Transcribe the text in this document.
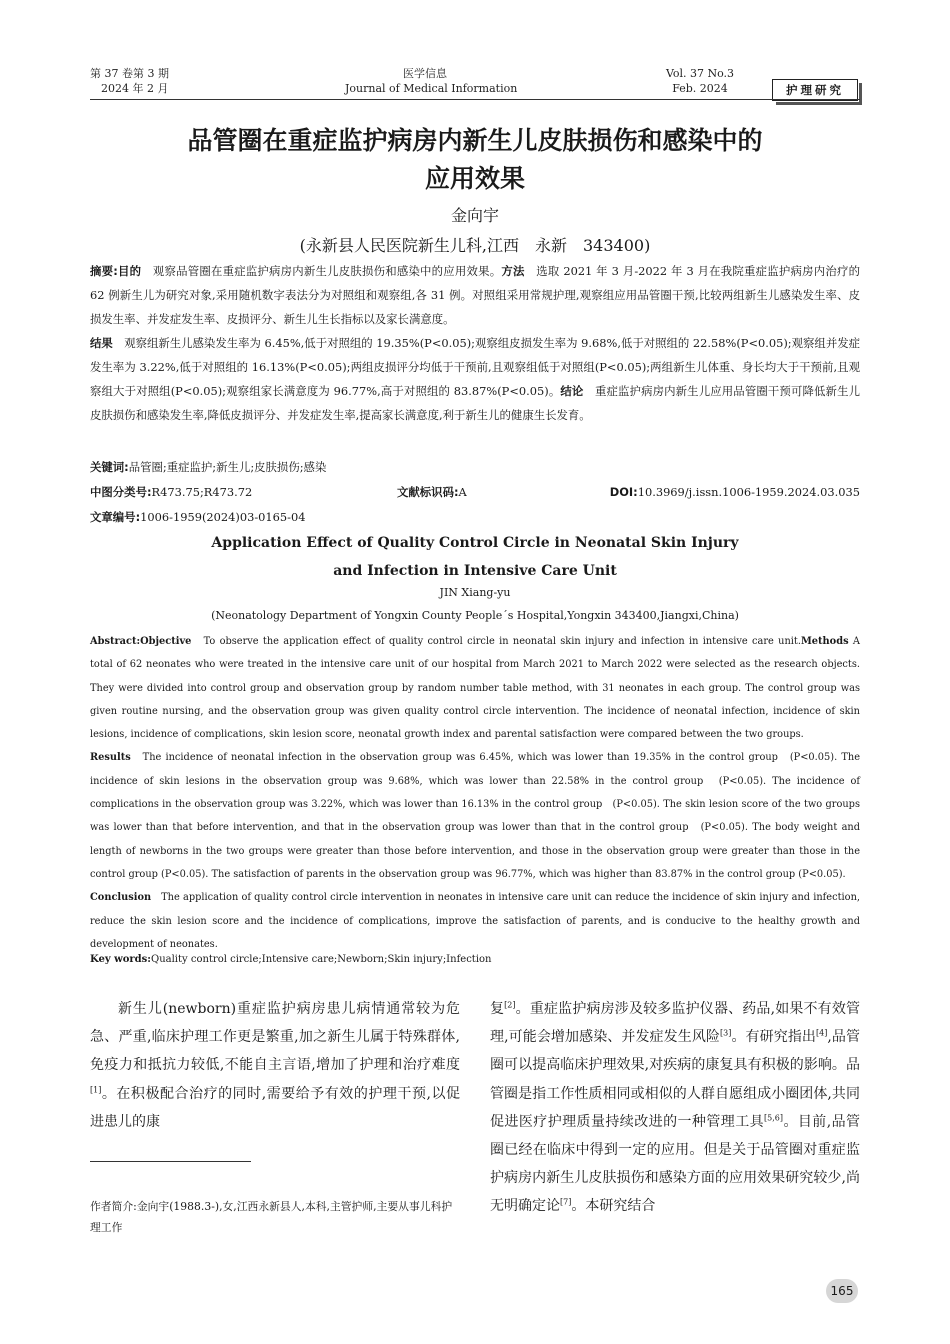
第 37 卷第 3 期
2024 年 2 月
医学信息
Journal of Medical Information
Vol. 37 No.3
Feb. 2024	护理研究
品管圈在重症监护病房内新生儿皮肤损伤和感染中的
应用效果
金向宇
(永新县人民医院新生儿科,江西　永新　343400)
摘要:目的　观察品管圈在重症监护病房内新生儿皮肤损伤和感染中的应用效果。方法　选取 2021 年 3 月-2022 年 3 月在我院重症监护病房内治疗的 62 例新生儿为研究对象,采用随机数字表法分为对照组和观察组,各 31 例。对照组采用常规护理,观察组应用品管圈干预,比较两组新生儿感染发生率、皮损发生率、并发症发生率、皮损评分、新生儿生长指标以及家长满意度。
结果　观察组新生儿感染发生率为 6.45%,低于对照组的 19.35%(P<0.05);观察组皮损发生率为 9.68%,低于对照组的 22.58%(P<0.05);观察组并发症发生率为 3.22%,低于对照组的 16.13%(P<0.05);两组皮损评分均低于干预前,且观察组低于对照组(P<0.05);两组新生儿体重、身长均大于干预前,且观察组大于对照组(P<0.05);观察组家长满意度为 96.77%,高于对照组的 83.87%(P<0.05)。结论　重症监护病房内新生儿应用品管圈干预可降低新生儿皮肤损伤和感染发生率,降低皮损评分、并发症发生率,提高家长满意度,利于新生儿的健康生长发育。
关键词:品管圈;重症监护;新生儿;皮肤损伤;感染
中图分类号:R473.75;R473.72	文献标识码:A	DOI:10.3969/j.issn.1006-1959.2024.03.035
文章编号:1006-1959(2024)03-0165-04
Application Effect of Quality Control Circle in Neonatal Skin Injury
and Infection in Intensive Care Unit
JIN Xiang-yu
(Neonatology Department of Yongxin County People´s Hospital,Yongxin 343400,Jiangxi,China)
Abstract:Objective　To observe the application effect of quality control circle in neonatal skin injury and infection in intensive care unit.Methods A total of 62 neonates who were treated in the intensive care unit of our hospital from March 2021 to March 2022 were selected as the research objects. They were divided into control group and observation group by random number table method, with 31 neonates in each group. The control group was given routine nursing, and the observation group was given quality control circle intervention. The incidence of neonatal infection, incidence of skin lesions, incidence of complications, skin lesion score, neonatal growth index and parental satisfaction were compared between the two groups.
Results　The incidence of neonatal infection in the observation group was 6.45%, which was lower than 19.35% in the control group　(P<0.05). The incidence of skin lesions in the observation group was 9.68%, which was lower than 22.58% in the control group　(P<0.05). The incidence of complications in the observation group was 3.22%, which was lower than 16.13% in the control group　(P<0.05). The skin lesion score of the two groups was lower than that before intervention, and that in the observation group was lower than that in the control group　(P<0.05). The body weight and length of newborns in the two groups were greater than those before intervention, and those in the observation group were greater than those in the control group (P<0.05). The satisfaction of parents in the observation group was 96.77%, which was higher than 83.87% in the control group (P<0.05).
Conclusion　The application of quality control circle intervention in neonates in intensive care unit can reduce the incidence of skin injury and infection, reduce the skin lesion score and the incidence of complications, improve the satisfaction of parents, and is conducive to the healthy growth and development of neonates.
Key words:Quality control circle;Intensive care;Newborn;Skin injury;Infection
新生儿(newborn)重症监护病房患儿病情通常较为危急、严重,临床护理工作更是繁重,加之新生儿属于特殊群体,免疫力和抵抗力较低,不能自主言语,增加了护理和治疗难度[1]。在积极配合治疗的同时,需要给予有效的护理干预,以促进患儿的康
复[2]。重症监护病房涉及较多监护仪器、药品,如果不有效管理,可能会增加感染、并发症发生风险[3]。有研究指出[4],品管圈可以提高临床护理效果,对疾病的康复具有积极的影响。品管圈是指工作性质相同或相似的人群自愿组成小圈团体,共同促进医疗护理质量持续改进的一种管理工具[5,6]。目前,品管圈已经在临床中得到一定的应用。但是关于品管圈对重症监护病房内新生儿皮肤损伤和感染方面的应用效果研究较少,尚无明确定论[7]。本研究结合
作者简介:金向宇(1988.3-),女,江西永新县人,本科,主管护师,主要从事儿科护理工作
165
